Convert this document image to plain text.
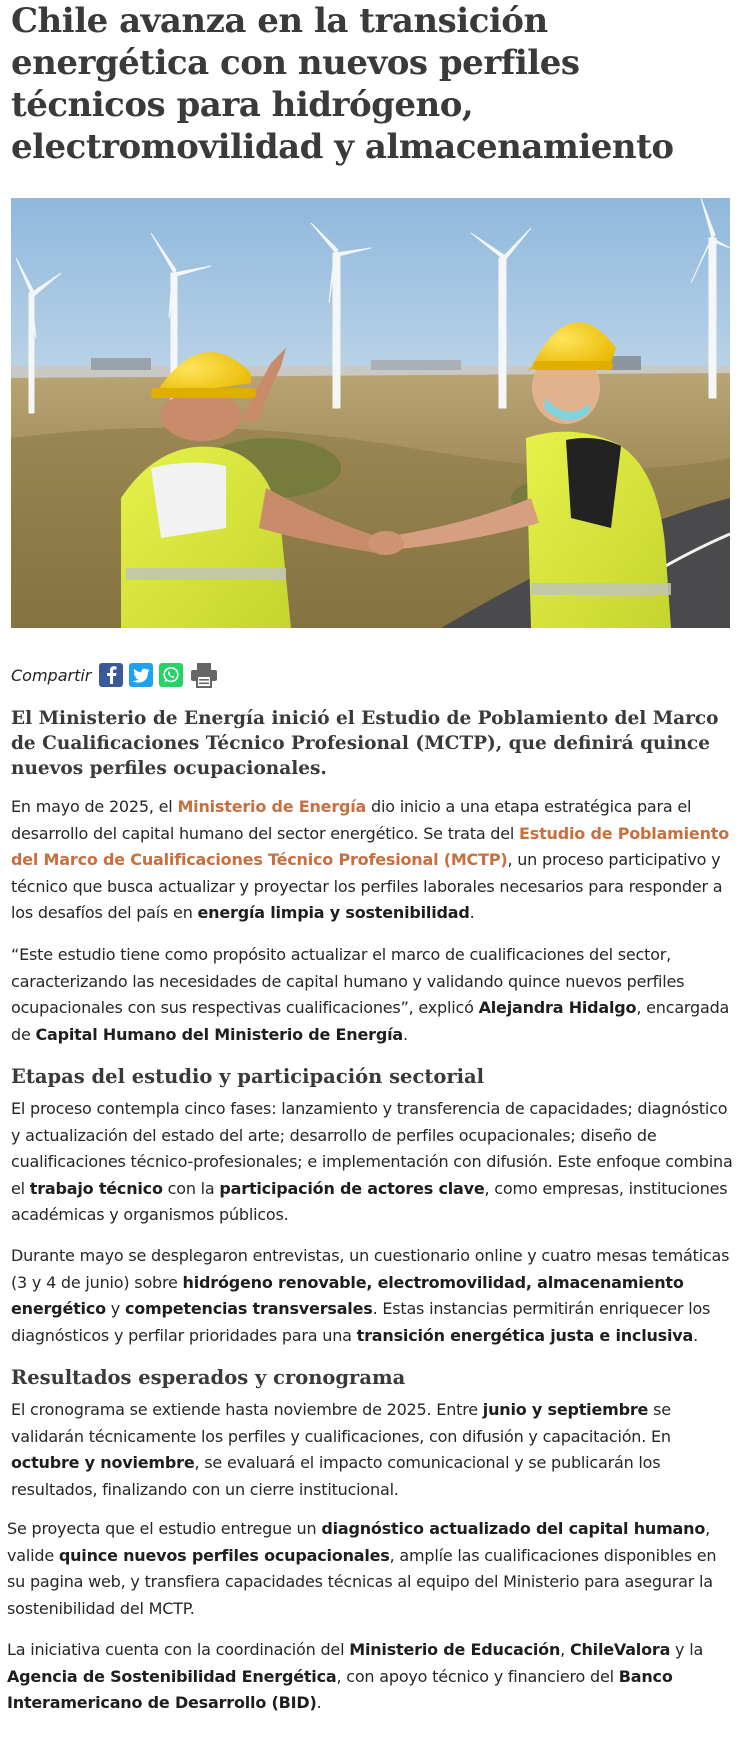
Chile avanza en la transición energética con nuevos perfiles técnicos para hidrógeno, electromovilidad y almacenamiento
Compartir

El Ministerio de Energía inició el Estudio de Poblamiento del Marco de Cualificaciones Técnico Profesional (MCTP), que definirá quince nuevos perfiles ocupacionales.

En mayo de 2025, el Ministerio de Energía dio inicio a una etapa estratégica para el desarrollo del capital humano del sector energético. Se trata del Estudio de Poblamiento del Marco de Cualificaciones Técnico Profesional (MCTP), un proceso participativo y técnico que busca actualizar y proyectar los perfiles laborales necesarios para responder a los desafíos del país en energía limpia y sostenibilidad.

“Este estudio tiene como propósito actualizar el marco de cualificaciones del sector, caracterizando las necesidades de capital humano y validando quince nuevos perfiles ocupacionales con sus respectivas cualificaciones”, explicó Alejandra Hidalgo, encargada de Capital Humano del Ministerio de Energía.

Etapas del estudio y participación sectorial

El proceso contempla cinco fases: lanzamiento y transferencia de capacidades; diagnóstico y actualización del estado del arte; desarrollo de perfiles ocupacionales; diseño de cualificaciones técnico-profesionales; e implementación con difusión. Este enfoque combina el trabajo técnico con la participación de actores clave, como empresas, instituciones académicas y organismos públicos.

Durante mayo se desplegaron entrevistas, un cuestionario online y cuatro mesas temáticas (3 y 4 de junio) sobre hidrógeno renovable, electromovilidad, almacenamiento energético y competencias transversales. Estas instancias permitirán enriquecer los diagnósticos y perfilar prioridades para una transición energética justa e inclusiva.

Resultados esperados y cronograma

El cronograma se extiende hasta noviembre de 2025. Entre junio y septiembre se validarán técnicamente los perfiles y cualificaciones, con difusión y capacitación. En octubre y noviembre, se evaluará el impacto comunicacional y se publicarán los resultados, finalizando con un cierre institucional.

Se proyecta que el estudio entregue un diagnóstico actualizado del capital humano, valide quince nuevos perfiles ocupacionales, amplíe las cualificaciones disponibles en su pagina web, y transfiera capacidades técnicas al equipo del Ministerio para asegurar la sostenibilidad del MCTP.

La iniciativa cuenta con la coordinación del Ministerio de Educación, ChileValora y la Agencia de Sostenibilidad Energética, con apoyo técnico y financiero del Banco Interamericano de Desarrollo (BID).
